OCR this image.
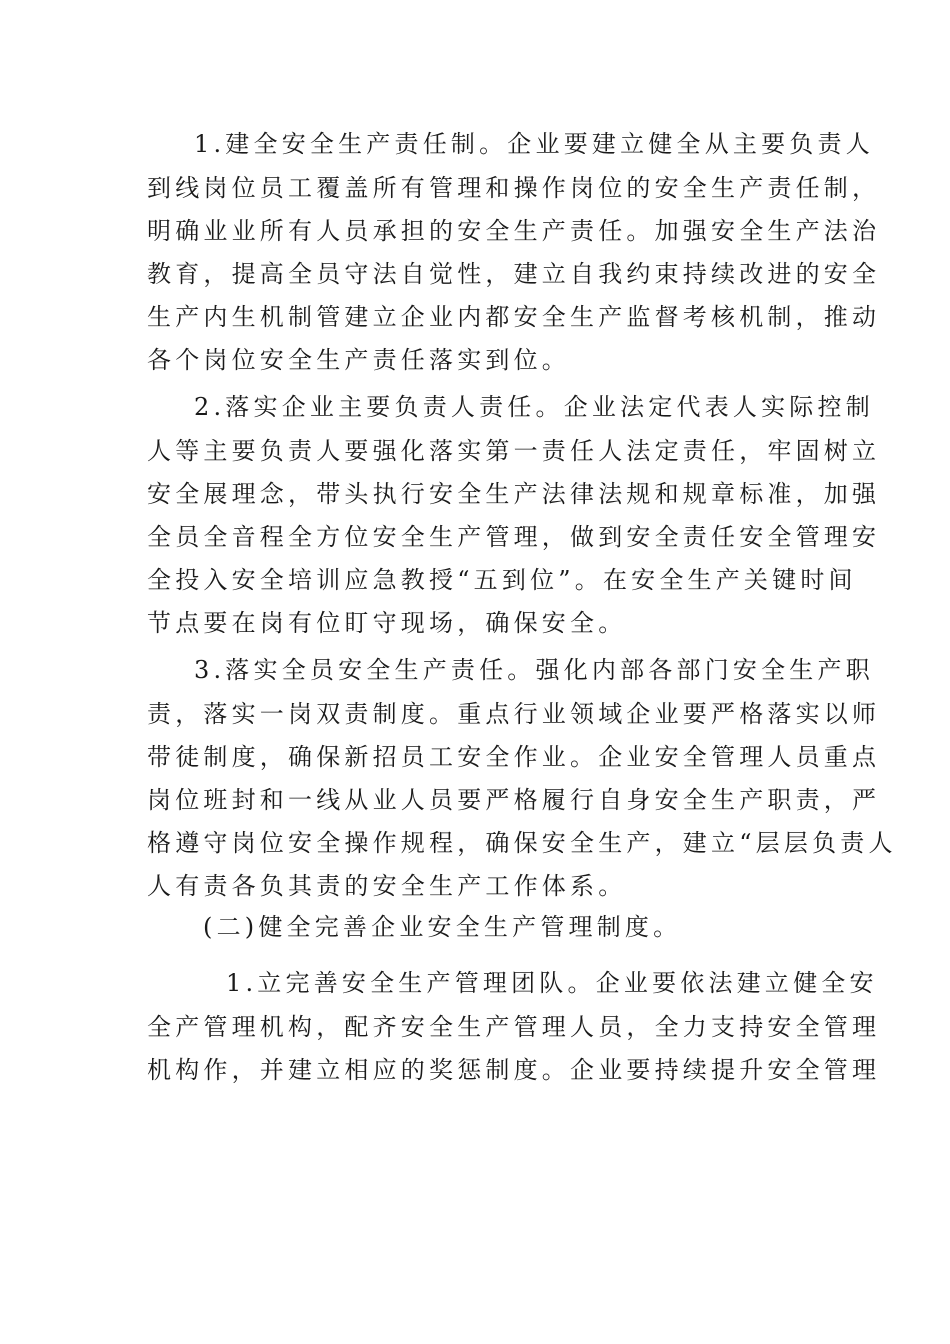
1.建全安全生产责任制。企业要建立健全从主要负责人
到线岗位员工覆盖所有管理和操作岗位的安全生产责任制，
明确业业所有人员承担的安全生产责任。加强安全生产法治
教育，提高全员守法自觉性，建立自我约束持续改进的安全
生产内生机制管建立企业内都安全生产监督考核机制，推动
各个岗位安全生产责任落实到位。
2.落实企业主要负责人责任。企业法定代表人实际控制
人等主要负责人要强化落实第一责任人法定责任，牢固树立
安全展理念，带头执行安全生产法律法规和规章标准，加强
全员全音程全方位安全生产管理，做到安全责任安全管理安
全投入安全培训应急教授“五到位”。在安全生产关键时间
节点要在岗有位盯守现场，确保安全。
3.落实全员安全生产责任。强化内部各部门安全生产职
责，落实一岗双责制度。重点行业领域企业要严格落实以师
带徒制度，确保新招员工安全作业。企业安全管理人员重点
岗位班封和一线从业人员要严格履行自身安全生产职责，严
格遵守岗位安全操作规程，确保安全生产，建立“层层负责人
人有责各负其责的安全生产工作体系。
(二)健全完善企业安全生产管理制度。
1.立完善安全生产管理团队。企业要依法建立健全安
全产管理机构，配齐安全生产管理人员，全力支持安全管理
机构作，并建立相应的奖惩制度。企业要持续提升安全管理
